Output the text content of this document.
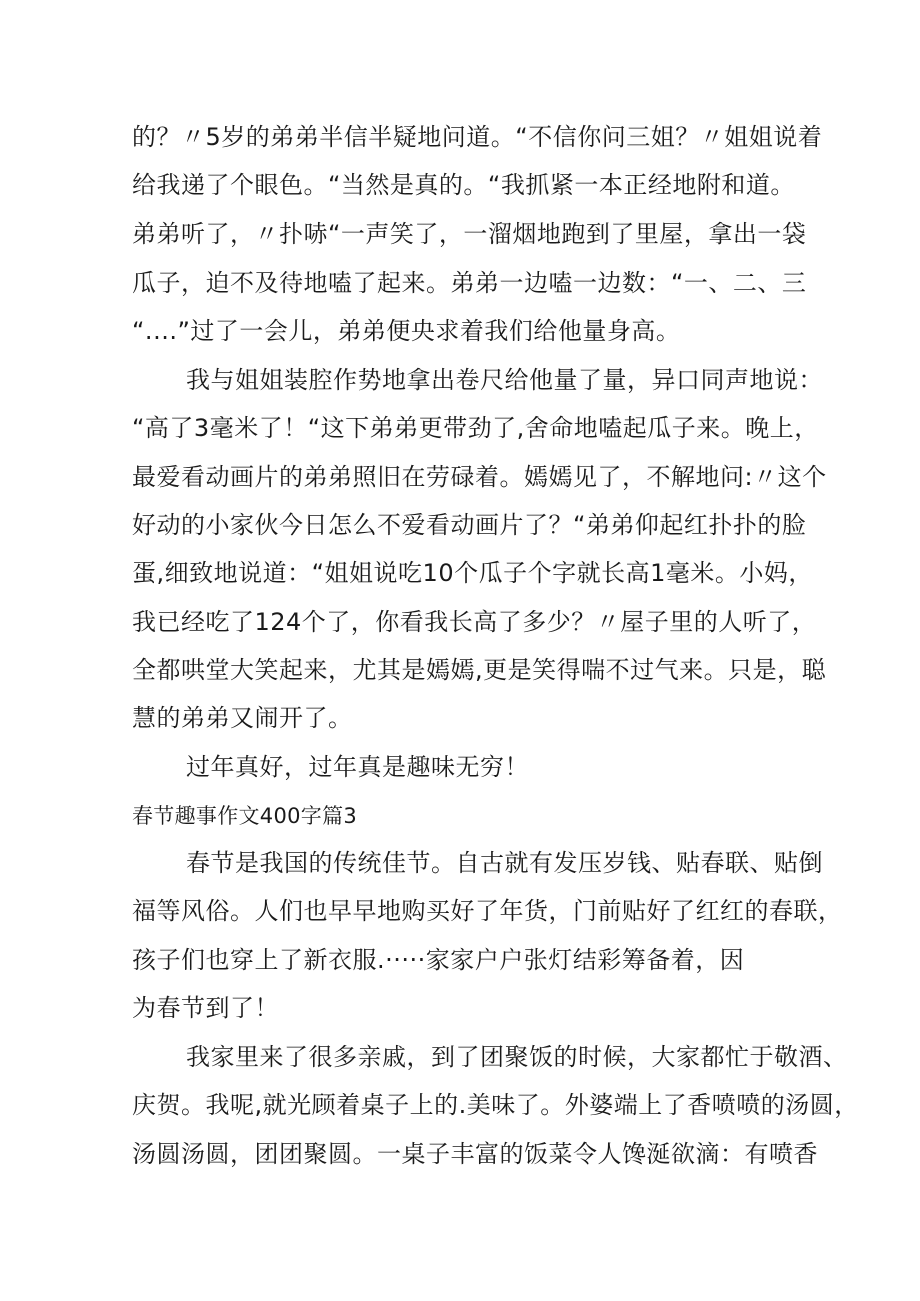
的？〃5岁的弟弟半信半疑地问道。“不信你问三姐？〃姐姐说着
给我递了个眼色。“当然是真的。“我抓紧一本正经地附和道。
弟弟听了，〃扑哧“一声笑了，一溜烟地跑到了里屋，拿出一袋
瓜子，迫不及待地嗑了起来。弟弟一边嗑一边数：“一、二、三
“....”过了一会儿，弟弟便央求着我们给他量身高。
我与姐姐装腔作势地拿出卷尺给他量了量，异口同声地说：
“高了3毫米了！“这下弟弟更带劲了,舍命地嗑起瓜子来。晚上，
最爱看动画片的弟弟照旧在劳碌着。嫣嫣见了，不解地问:〃这个
好动的小家伙今日怎么不爱看动画片了？“弟弟仰起红扑扑的脸
蛋,细致地说道：“姐姐说吃10个瓜子个字就长高1毫米。小妈，
我已经吃了124个了，你看我长高了多少？〃屋子里的人听了，
全都哄堂大笑起来，尤其是嫣嫣,更是笑得喘不过气来。只是，聪
慧的弟弟又闹开了。
过年真好，过年真是趣味无穷！
春节趣事作文400字篇3
春节是我国的传统佳节。自古就有发压岁钱、贴春联、贴倒
福等风俗。人们也早早地购买好了年货，门前贴好了红红的春联，
孩子们也穿上了新衣服.·····家家户户张灯结彩筹备着，因
为春节到了！
我家里来了很多亲戚，到了团聚饭的时候，大家都忙于敬酒、
庆贺。我呢,就光顾着桌子上的.美味了。外婆端上了香喷喷的汤圆，
汤圆汤圆，团团聚圆。一桌子丰富的饭菜令人馋涎欲滴：有喷香
